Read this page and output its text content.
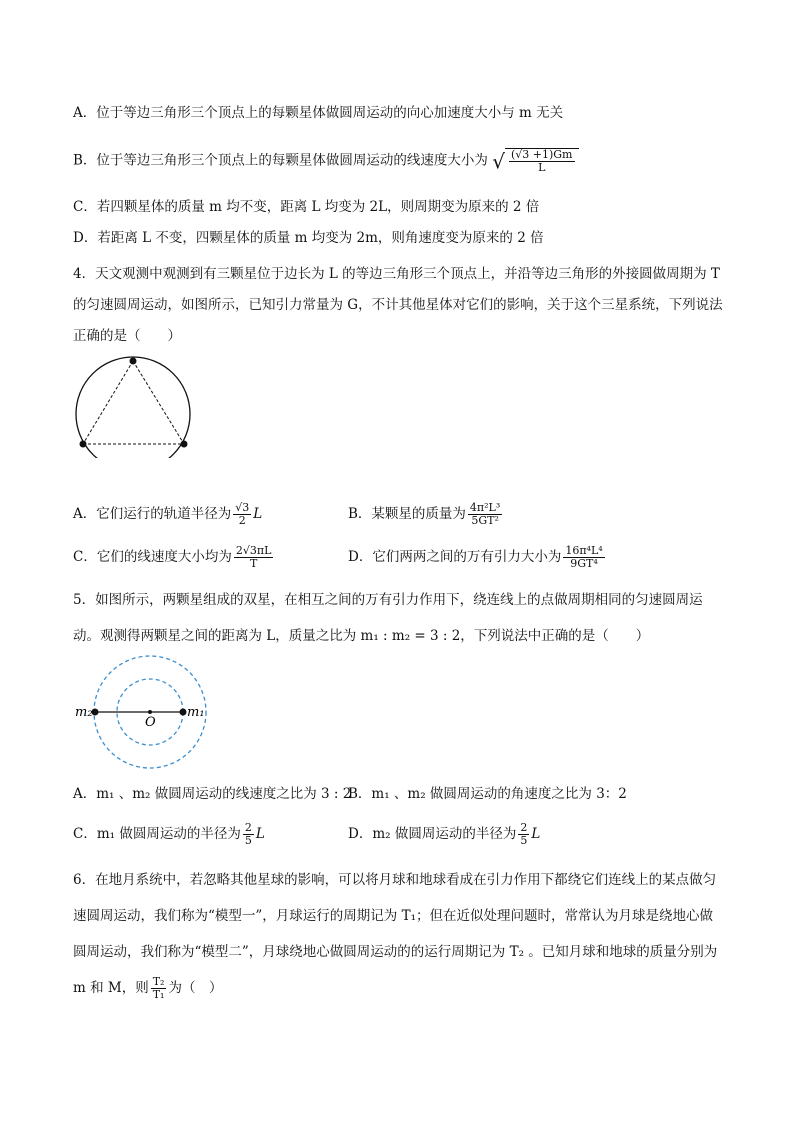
A．位于等边三角形三个顶点上的每颗星体做圆周运动的向心加速度大小与 m 无关
B．位于等边三角形三个顶点上的每颗星体做圆周运动的线速度大小为 √ $\frac{(√3 +1)Gm}{L}$
C．若四颗星体的质量 m 均不变，距离 L 均变为 2L，则周期变为原来的 2 倍
D．若距离 L 不变，四颗星体的质量 m 均变为 2m，则角速度变为原来的 2 倍
4．天文观测中观测到有三颗星位于边长为 L 的等边三角形三个顶点上，并沿等边三角形的外接圆做周期为 T 的匀速圆周运动，如图所示，已知引力常量为 G，不计其他星体对它们的影响，关于这个三星系统，下列说法正确的是（　　）
A．它们运行的轨道半径为 $\frac{√3}{2}$ L	B．某颗星的质量为 $\frac{\text{4π²L³}}{\text{5GT²}}$
C．它们的线速度大小均为 $\frac{2√3\pi L}{T}$	D．它们两两之间的万有引力大小为 $\frac{\text{16π⁴L⁴}}{\text{9GT⁴}}$
5．如图所示，两颗星组成的双星，在相互之间的万有引力作用下，绕连线上的点做周期相同的匀速圆周运动。观测得两颗星之间的距离为 L，质量之比为 m₁ : m₂ = 3 : 2，下列说法中正确的是（　　）
m₂
O
m₁
A．m₁ 、m₂ 做圆周运动的线速度之比为 3 : 2
B．m₁ 、m₂ 做圆周运动的角速度之比为 3：2
C．m₁ 做圆周运动的半径为 $\frac{2}{5}$ L	D．m₂ 做圆周运动的半径为 $\frac{2}{5}$ L
6．在地月系统中，若忽略其他星球的影响，可以将月球和地球看成在引力作用下都绕它们连线上的某点做匀速圆周运动，我们称为“模型一”，月球运行的周期记为 T₁；但在近似处理问题时，常常认为月球是绕地心做圆周运动，我们称为“模型二”，月球绕地心做圆周运动的的运行周期记为 T₂ 。已知月球和地球的质量分别为 m 和 M，则 $\frac{\text{T₂}}{\text{T₁}}$ 为（　）
